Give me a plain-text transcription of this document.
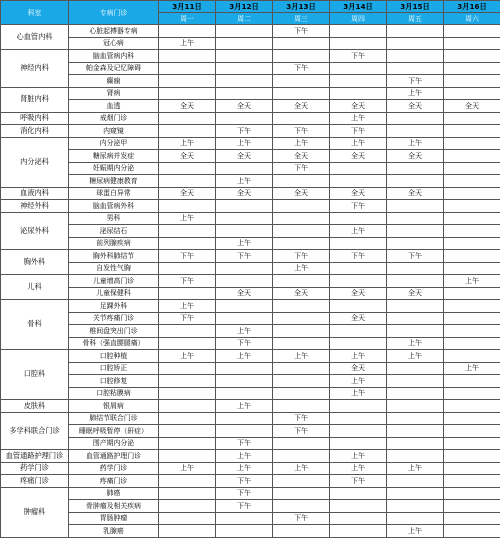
科室	专病门诊	3月11日	3月12日	3月13日	3月14日	3月15日	3月16日
		周一	周二	周三	周四	周五	周六
心血管内科	心脏起搏器专病			下午			
	冠心病	上午					
神经内科	脑血管病内科				下午		
	帕金森及记忆障碍			下午			
	癫痫					下午	
肾脏内科	肾病					上午	
	血透	全天	全天	全天	全天	全天	全天
呼吸内科	戒烟门诊				上午		
消化内科	内窥镜		下午	下午	下午		
内分泌科	内分泌甲	上午	上午	上午	上午	上午	
	糖尿病并发症	全天	全天	全天	全天	全天	
	妊娠期内分泌			下午			
	糖尿病健康教育		上午				
血液内科	球蛋白异常	全天	全天	全天	全天	全天	
神经外科	脑血管病外科				下午		
泌尿外科	男科	上午					
	泌尿结石				上午		
	前列腺疾病		上午				
胸外科	胸外科肺结节	下午	下午	下午	下午	下午	
	自发性气胸			上午			
儿科	儿童增高门诊	下午					上午
	儿童保健科		全天	全天	全天	全天	
骨科	足踝外科	上午					
	关节疼痛门诊	下午			全天		
	椎间盘突出门诊		上午				
	骨科（强直腰腿痛）		下午			上午	
口腔科	口腔种植	上午	上午	上午	上午	上午	
	口腔矫正				全天		上午
	口腔修复				上午		
	口腔粘膜病				上午		
皮肤科	银屑病		上午				
多学科联合门诊	肺结节联合门诊			下午			
	睡眠呼吸暂停（鼾症）			下午			
	围产期内分泌		下午				
血管通路护理门诊	血管通路护理门诊		上午		上午		
药学门诊	药学门诊	上午	上午	上午	上午	上午	
疼痛门诊	疼痛门诊		下午		下午		
肿瘤科	肺癌		下午				
	骨肿瘤及相关疾病		下午				
	胃肠肿瘤			下午			
	乳腺癌					上午	
